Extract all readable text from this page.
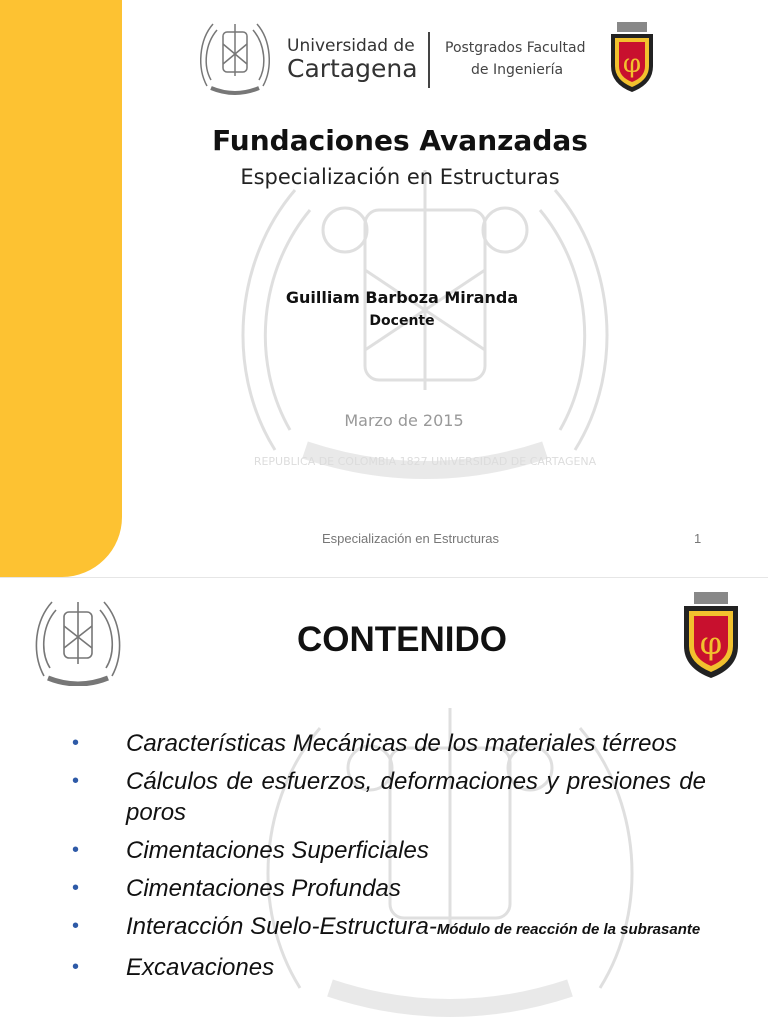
REPUBLICA DE COLOMBIA 1827 UNIVERSIDAD DE CARTAGENA
Universidad de
Cartagena
Postgrados Facultad
de Ingeniería φ
Fundaciones Avanzadas
Especialización en Estructuras
Guilliam Barboza Miranda
Docente
Marzo de 2015
Especialización en Estructuras	1
φ
CONTENIDO
• Características Mecánicas de los materiales térreos
• Cálculos de esfuerzos, deformaciones y presiones de poros
• Cimentaciones Superficiales
• Cimentaciones Profundas
• Interacción Suelo-Estructura-Módulo de reacción de la subrasante
• Excavaciones
